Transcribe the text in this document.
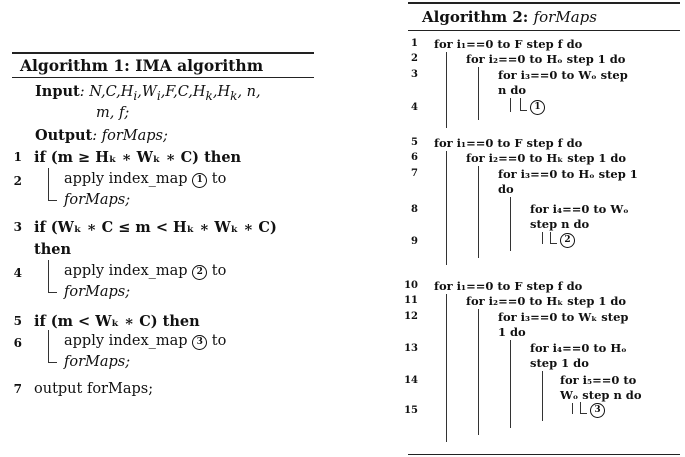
Algorithm 1: IMA algorithm
Input: $N,C,H_i,W_i,F,C,H_k,H_k$, n,
m, f;
Output: forMaps;
1 if (m ≥ Hₖ ∗ Wₖ ∗ C) then
2	apply index_map 1 to
forMaps;
3 if (Wₖ ∗ C ≤ m < Hₖ ∗ Wₖ ∗ C)
then
4	apply index_map 2 to
forMaps;
5 if (m < Wₖ ∗ C) then
6	apply index_map 3 to
forMaps;
7 output forMaps;
Algorithm 2: forMaps
1 for i₁==0 to F step f do
2	for i₂==0 to Hₒ step 1 do
3	for i₃==0 to Wₒ step
n do
4	1
5 for i₁==0 to F step f do
6	for i₂==0 to Hₖ step 1 do
7	for i₃==0 to Hₒ step 1
do
8	for i₄==0 to Wₒ
step n do
9	2
10 for i₁==0 to F step f do
11	for i₂==0 to Hₖ step 1 do
12	for i₃==0 to Wₖ step
1 do
13	for i₄==0 to Hₒ
step 1 do
14	for i₅==0 to
Wₒ step n do
15	3
